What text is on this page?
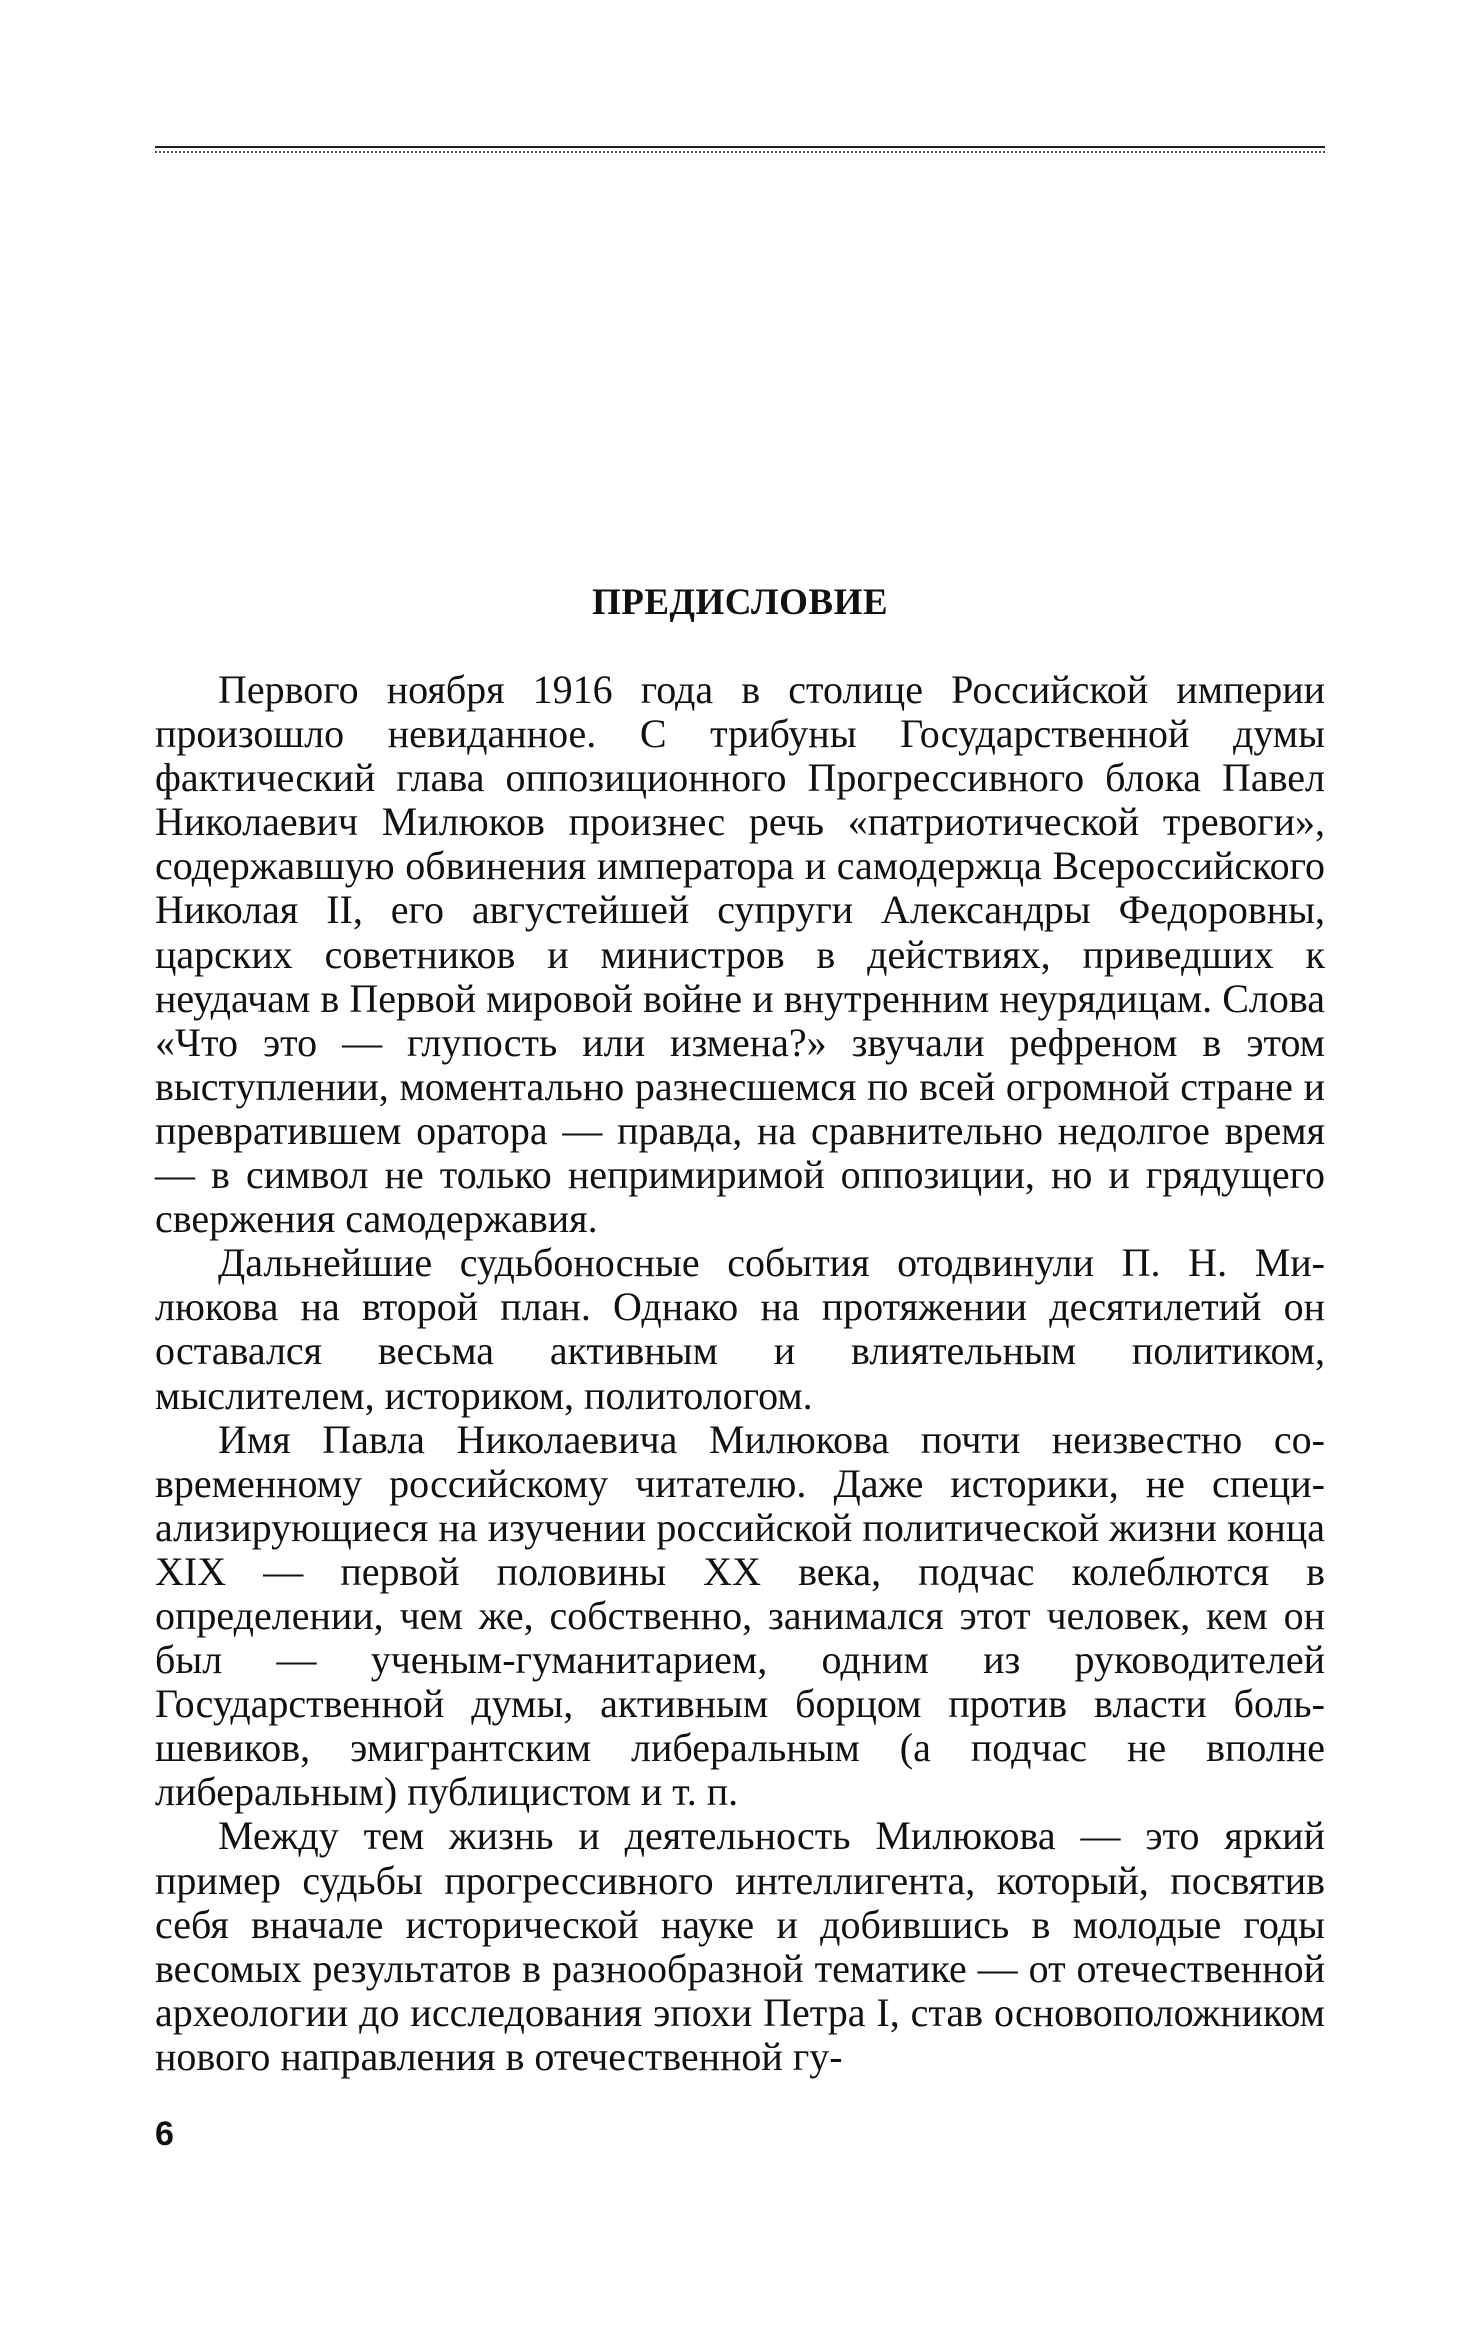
ПРЕДИСЛОВИЕ

Первого ноября 1916 года в столице Российской империи произошло невиданное. С трибуны Государственной думы фактический глава оппозиционного Прогрессивного блока Павел Николаевич Милюков произнес речь «патриотической тревоги», содержавшую обвинения императора и самодержца Всероссийского Николая II, его августейшей супруги Александры Федоровны, царских советников и министров в действиях, приведших к неудачам в Первой мировой войне и внутренним неурядицам. Слова «Что это — глупость или измена?» звучали рефреном в этом выступлении, моментально разнесшемся по всей огромной стране и превратившем оратора — правда, на сравнительно недолгое время — в символ не только непримиримой оппозиции, но и грядущего свержения самодержавия.

Дальнейшие судьбоносные события отодвинули П. Н. Милюкова на второй план. Однако на протяжении десятилетий он оставался весьма активным и влиятельным политиком, мыслителем, историком, политологом.

Имя Павла Николаевича Милюкова почти неизвестно современному российскому читателю. Даже историки, не специализирующиеся на изучении российской политической жизни конца XIX — первой половины XX века, подчас колеблются в определении, чем же, собственно, занимался этот человек, кем он был — ученым-гуманитарием, одним из руководителей Государственной думы, активным борцом против власти большевиков, эмигрантским либеральным (а подчас не вполне либеральным) публицистом и т. п.

Между тем жизнь и деятельность Милюкова — это яркий пример судьбы прогрессивного интеллигента, который, посвятив себя вначале исторической науке и добившись в молодые годы весомых результатов в разнообразной тематике — от отечественной археологии до исследования эпохи Петра I, став основоположником нового направления в отечественной гу-

6
